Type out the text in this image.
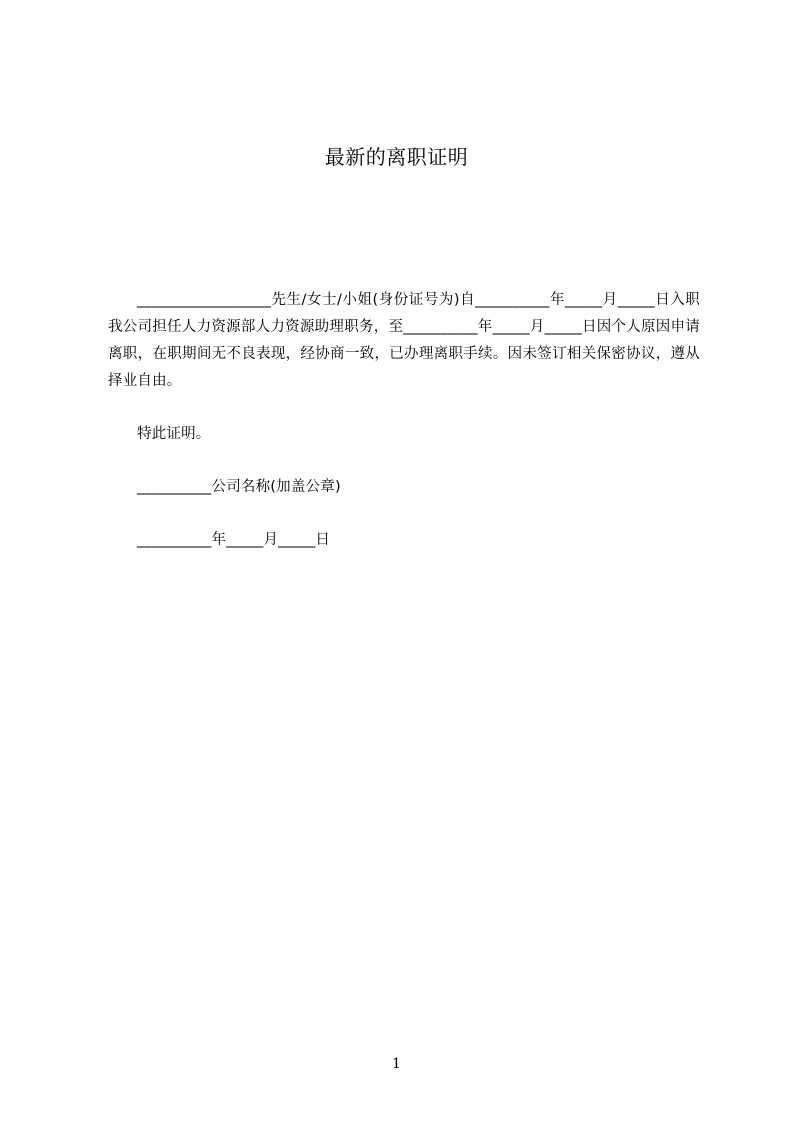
最新的离职证明
__________________先生/女士/小姐(身份证号为)自__________年_____月_____日入职我公司担任人力资源部人力资源助理职务，至__________年_____月_____日因个人原因申请离职，在职期间无不良表现，经协商一致，已办理离职手续。因未签订相关保密协议，遵从择业自由。
特此证明。
__________公司名称(加盖公章)
__________年_____月_____日
1
